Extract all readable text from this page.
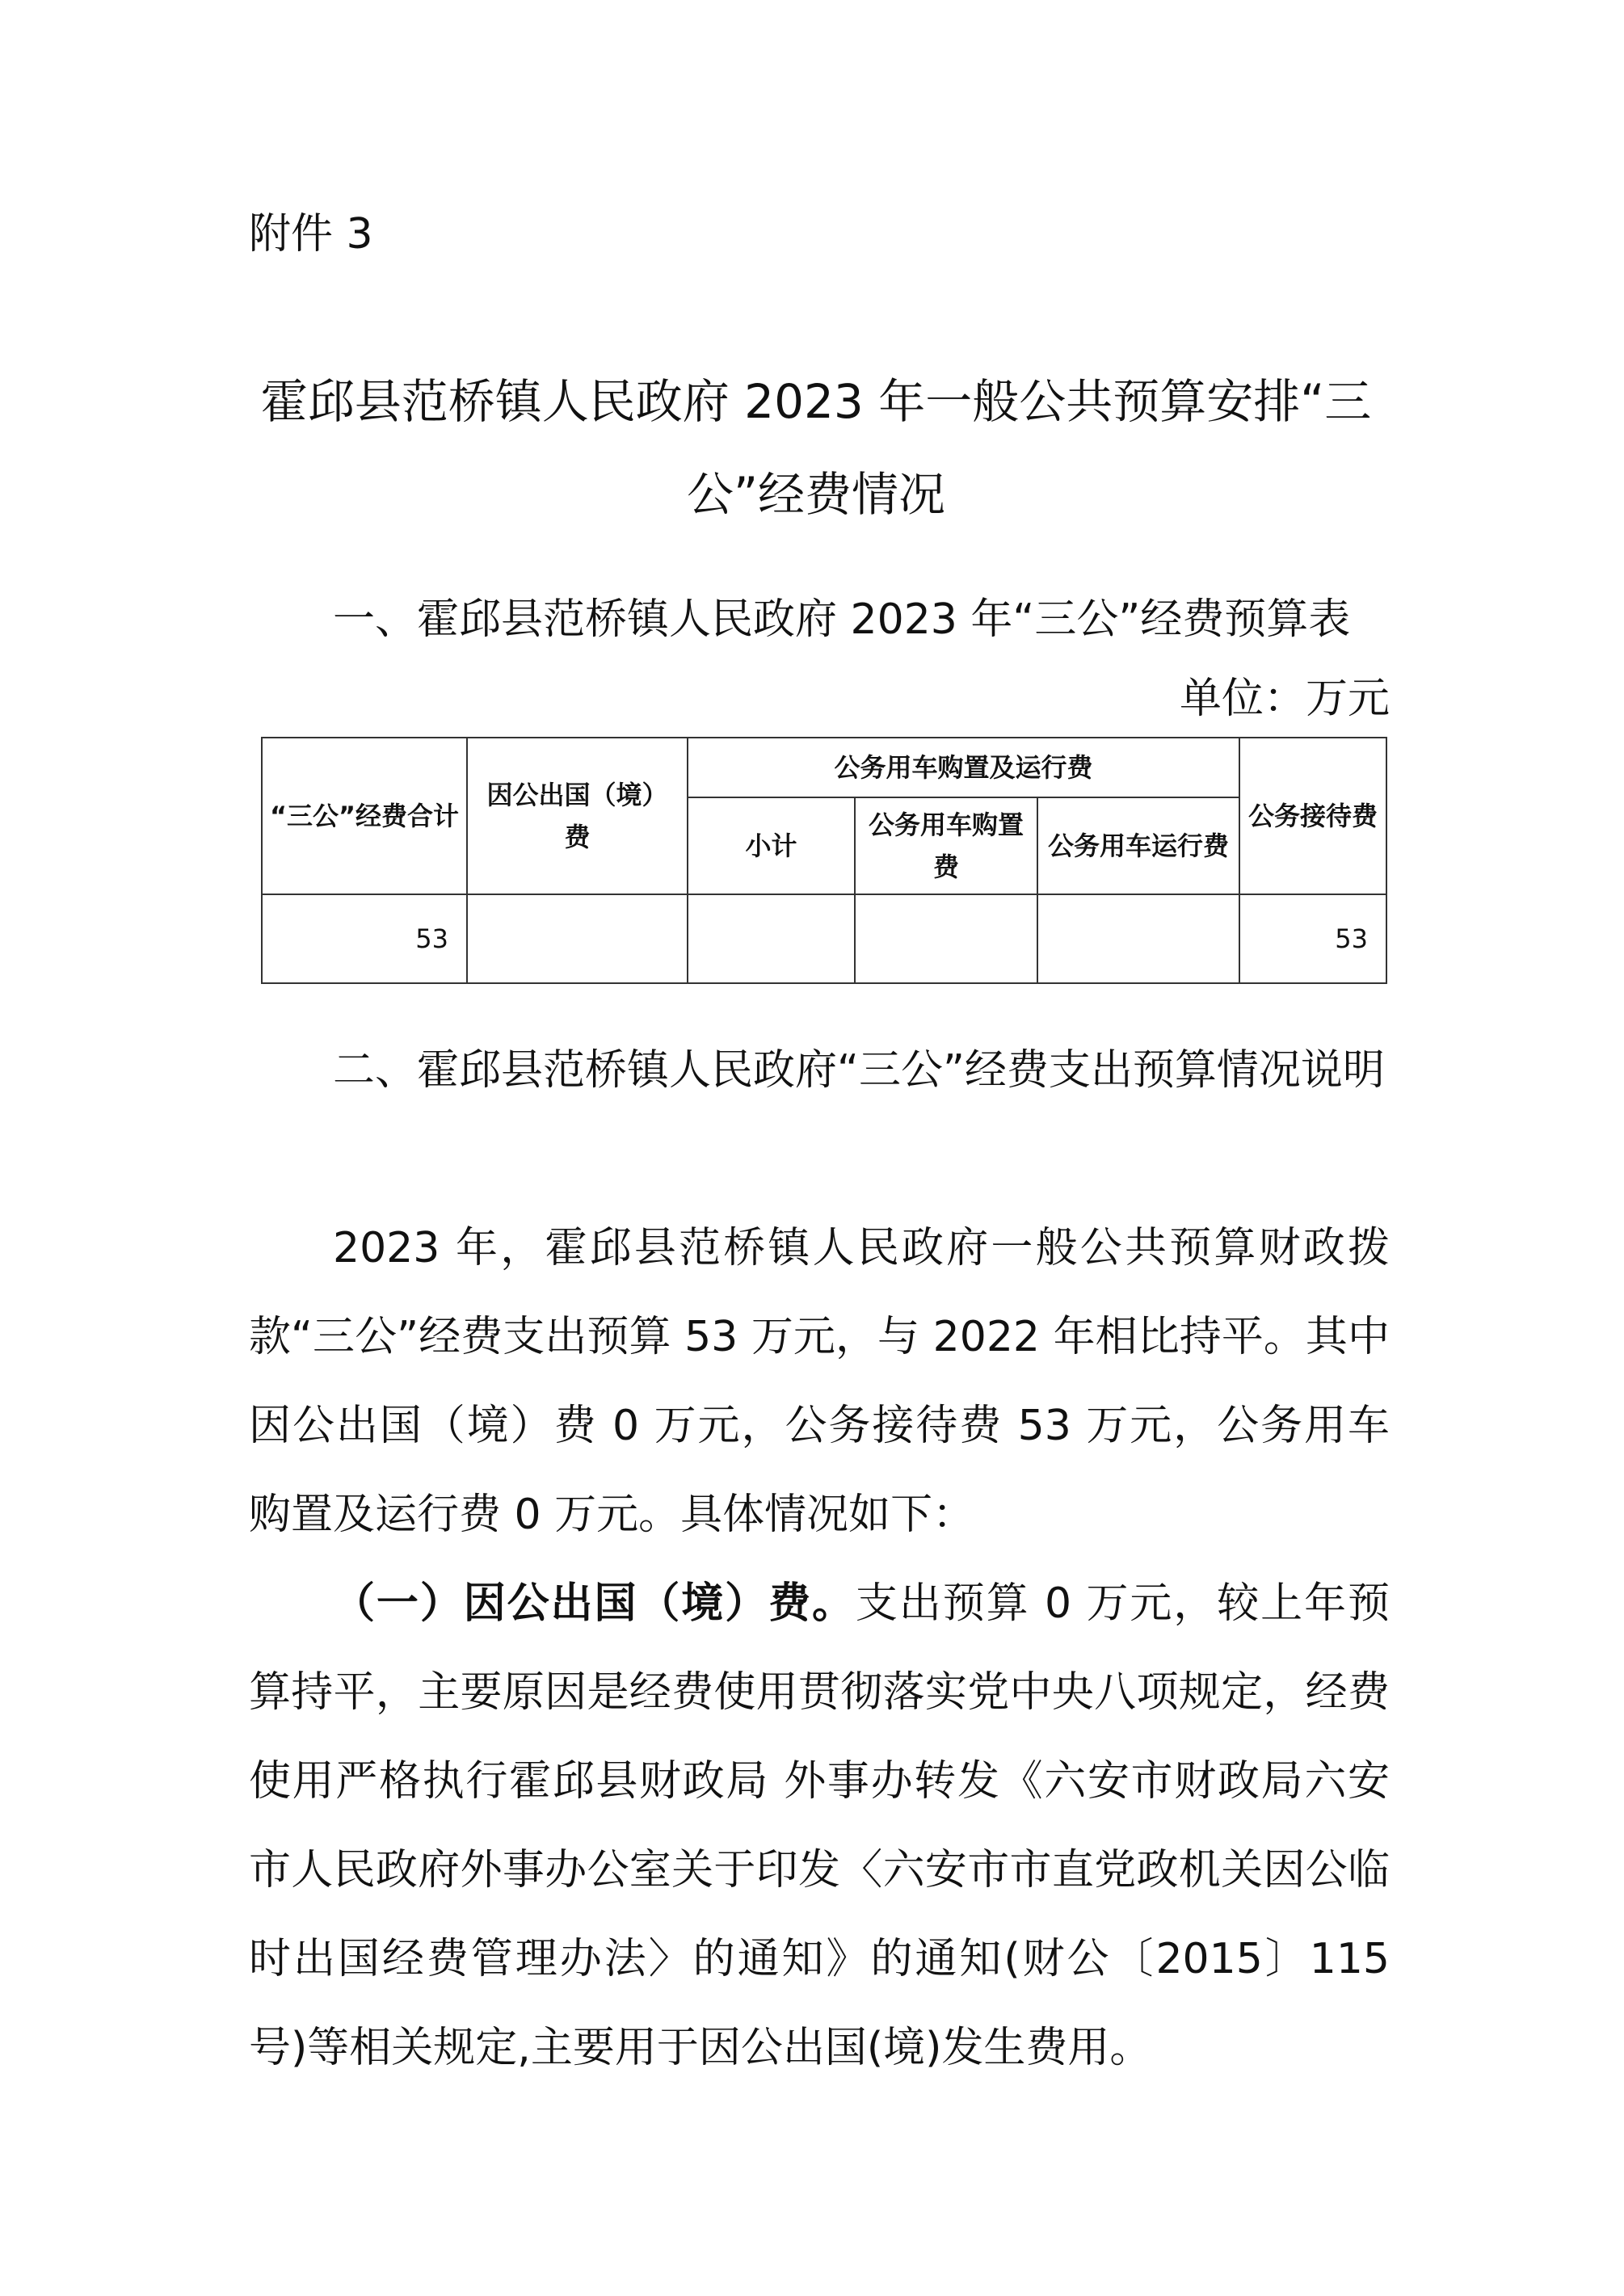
附件 3
霍邱县范桥镇人民政府 2023 年一般公共预算安排“三公”经费情况
一、霍邱县范桥镇人民政府 2023 年“三公”经费预算表
单位：万元
“三公”经费合计	因公出国（境）费	公务用车购置及运行费			公务接待费
		小计	公务用车购置费	公务用车运行费	
53					53
二、霍邱县范桥镇人民政府“三公”经费支出预算情况说明
2023 年，霍邱县范桥镇人民政府一般公共预算财政拨款“三公”经费支出预算 53 万元，与 2022 年相比持平。其中因公出国（境）费 0 万元，公务接待费 53 万元，公务用车购置及运行费 0 万元。具体情况如下：
（一）因公出国（境）费。支出预算 0 万元，较上年预算持平，主要原因是经费使用贯彻落实党中央八项规定，经费使用严格执行霍邱县财政局 外事办转发《六安市财政局六安市人民政府外事办公室关于印发〈六安市市直党政机关因公临时出国经费管理办法〉的通知》的通知(财公〔2015〕115 号)等相关规定,主要用于因公出国(境)发生费用。
